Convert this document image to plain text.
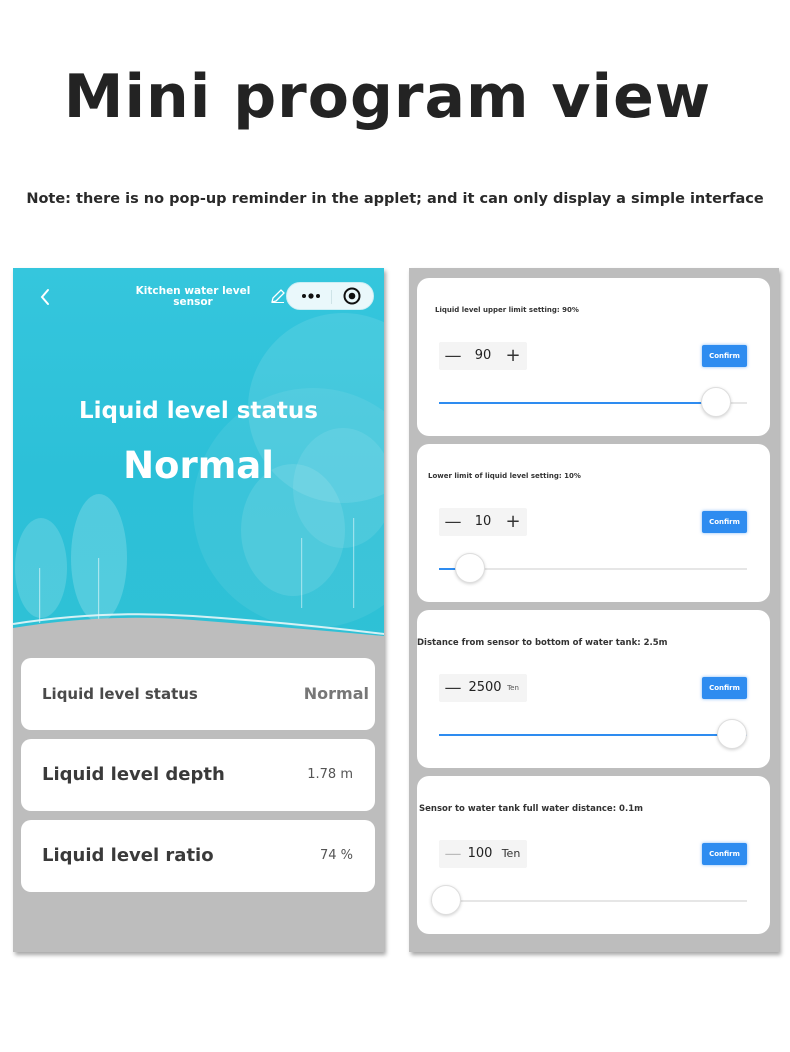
Mini program view
Note: there is no pop-up reminder in the applet; and it can only display a simple interface
Kitchen water level sensor
Liquid level status
Normal
Liquid level status	Normal
Liquid level depth	1.78 m
Liquid level ratio	74 %
Liquid level upper limit setting: 90%
—	90 +	Confirm
Lower limit of liquid level setting: 10%
—	10 +	Confirm
Distance from sensor to bottom of water tank: 2.5m
— 2500 Ten	Confirm
Sensor to water tank full water distance: 0.1m
— 100 Ten	Confirm
